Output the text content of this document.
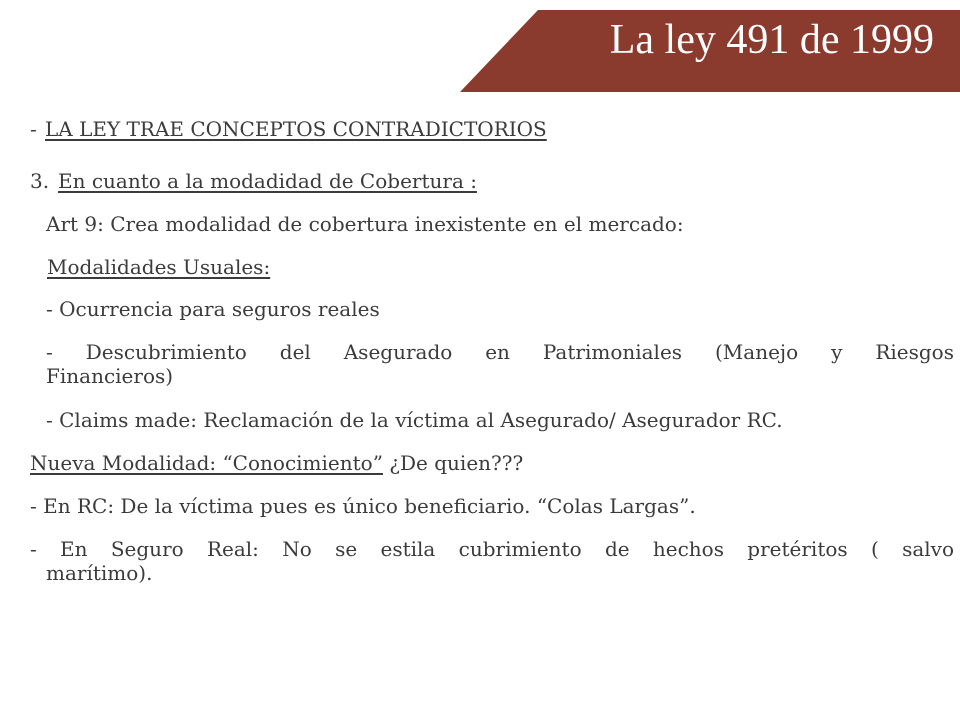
La ley 491 de 1999
- LA LEY TRAE CONCEPTOS CONTRADICTORIOS
3. En cuanto a la modadidad de Cobertura :
Art 9: Crea modalidad de cobertura inexistente en el mercado:
Modalidades Usuales:
- Ocurrencia para seguros reales
- Descubrimiento del Asegurado en Patrimoniales (Manejo y Riesgos
Financieros)
- Claims made: Reclamación de la víctima al Asegurado/ Asegurador RC.
Nueva Modalidad: “Conocimiento” ¿De quien???
- En RC: De la víctima pues es único beneficiario. “Colas Largas”.
- En Seguro Real: No se estila cubrimiento de hechos pretéritos ( salvo
marítimo).
